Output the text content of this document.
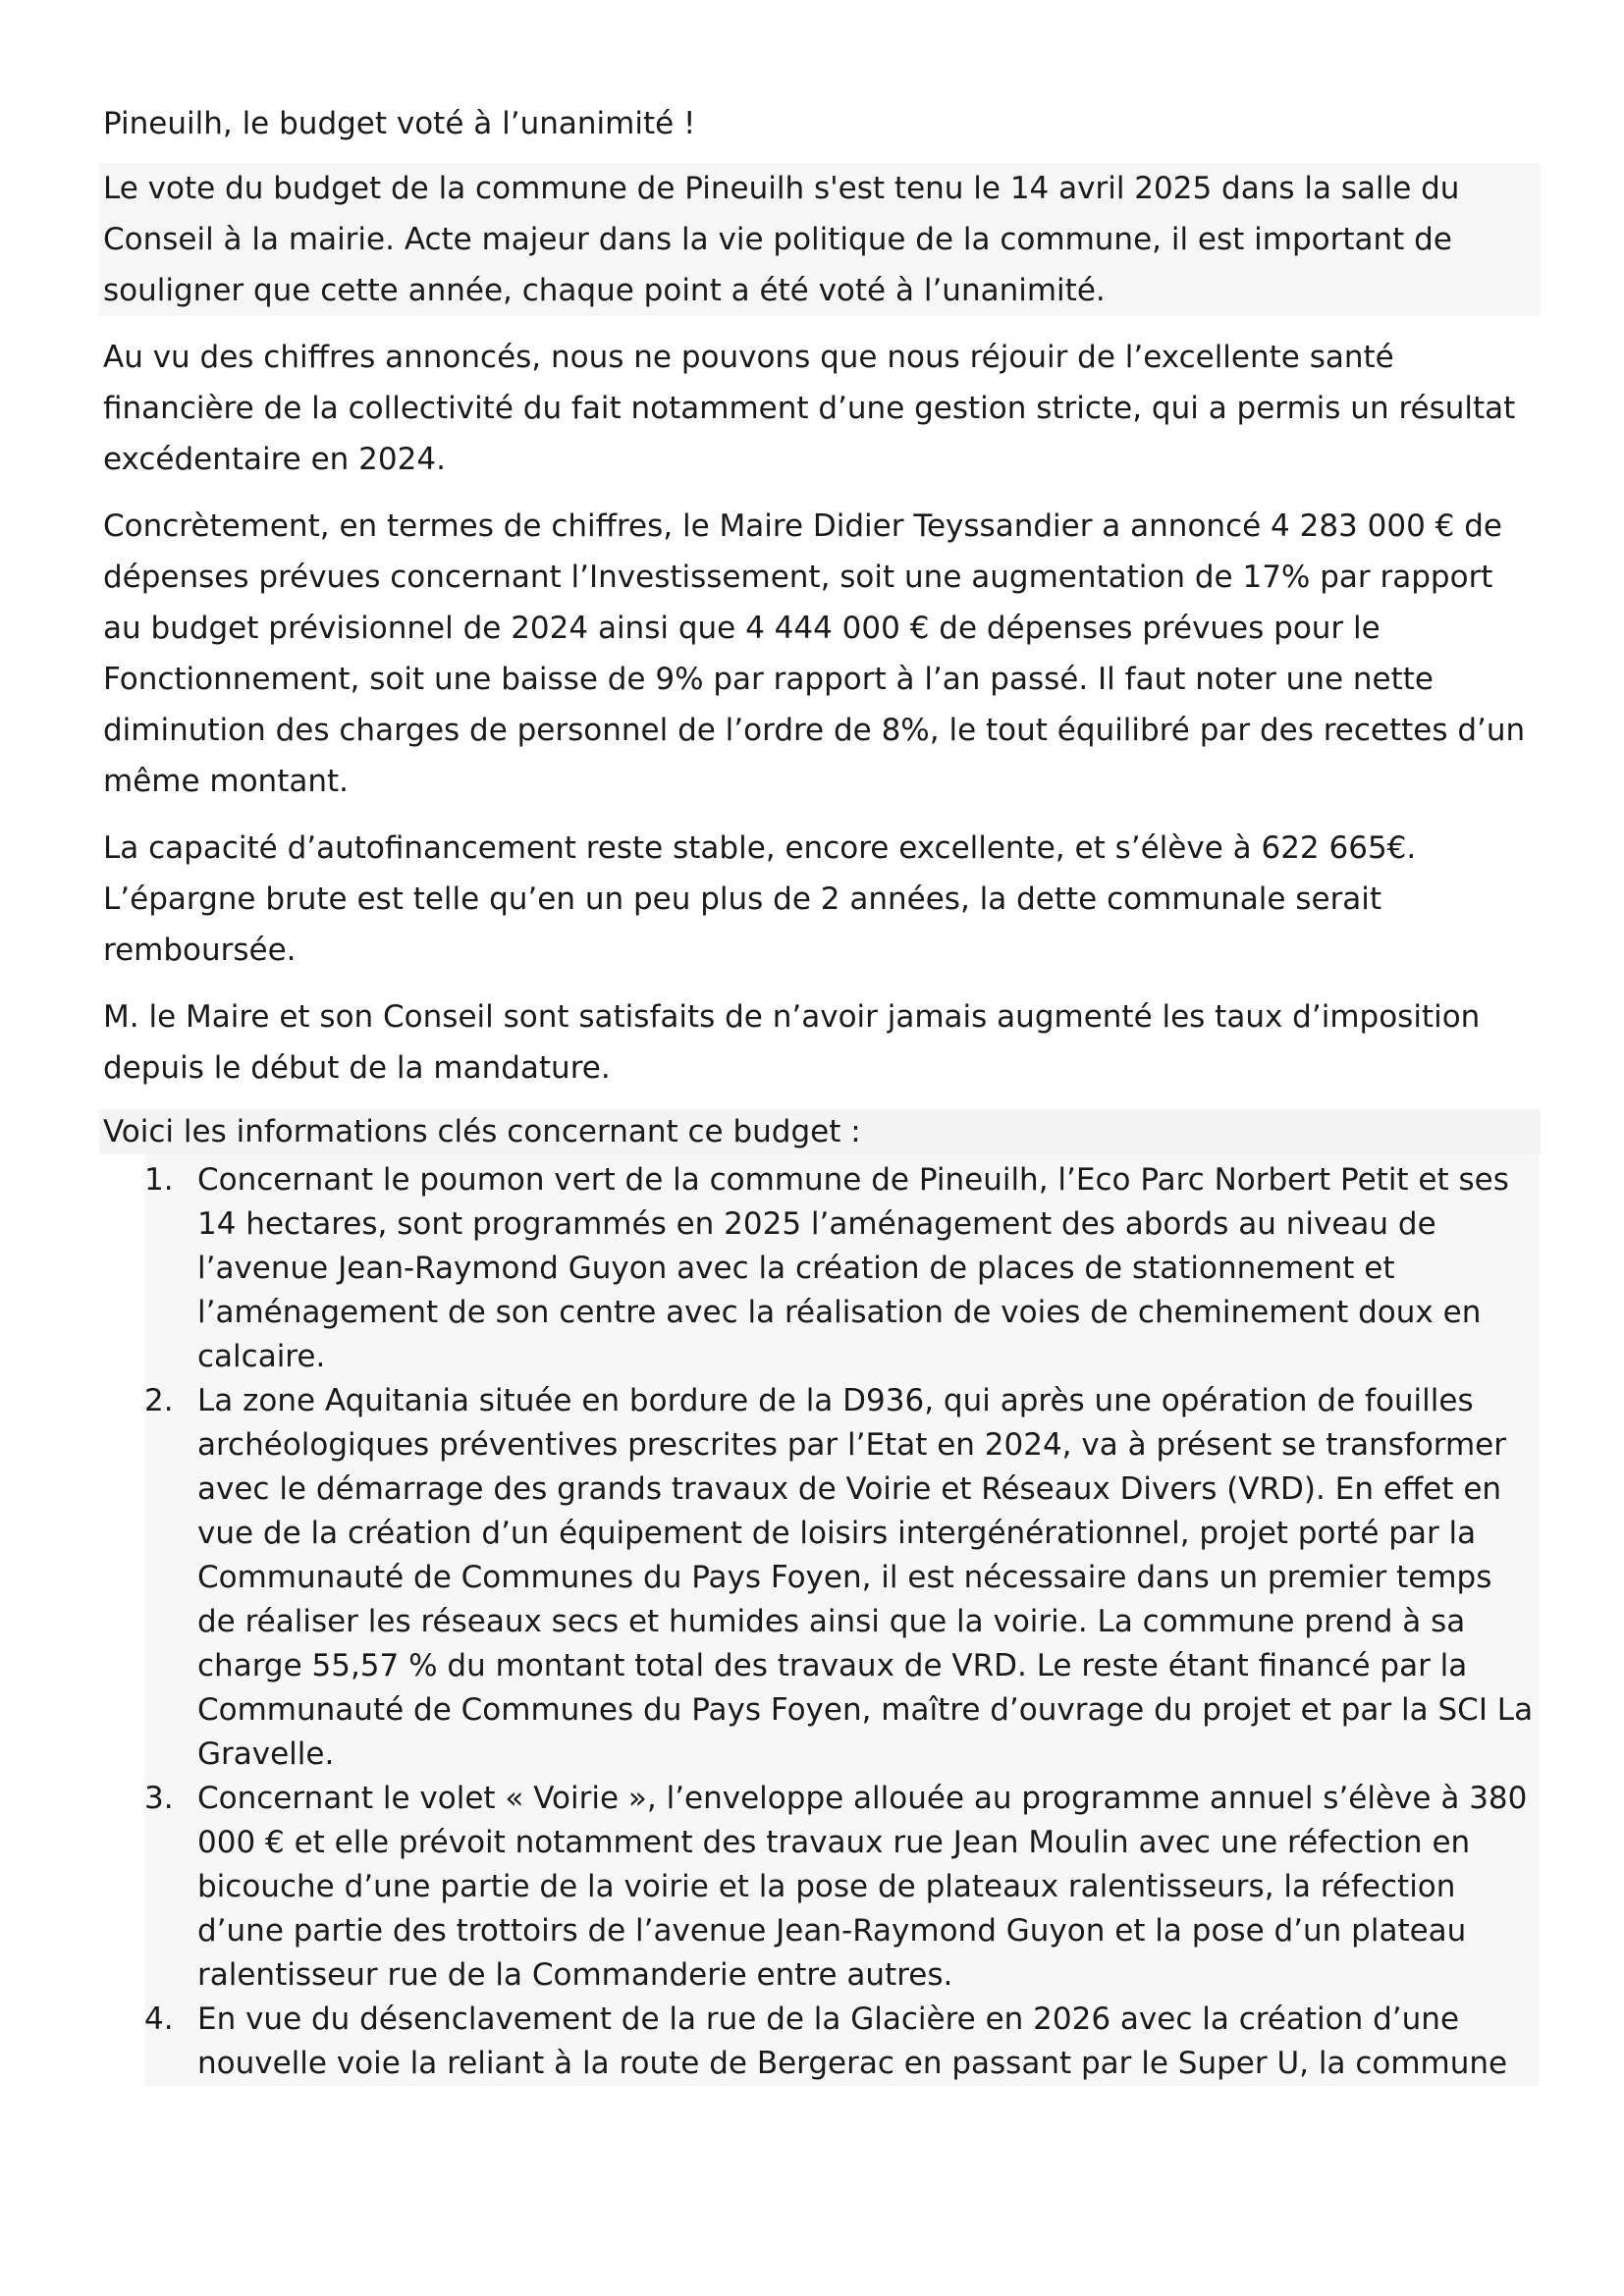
Pineuilh, le budget voté à l’unanimité !

Le vote du budget de la commune de Pineuilh s'est tenu le 14 avril 2025 dans la salle du Conseil à la mairie. Acte majeur dans la vie politique de la commune, il est important de souligner que cette année, chaque point a été voté à l’unanimité.

Au vu des chiffres annoncés, nous ne pouvons que nous réjouir de l’excellente santé financière de la collectivité du fait notamment d’une gestion stricte, qui a permis un résultat excédentaire en 2024.

Concrètement, en termes de chiffres, le Maire Didier Teyssandier a annoncé 4 283 000 € de dépenses prévues concernant l’Investissement, soit une augmentation de 17% par rapport au budget prévisionnel de 2024 ainsi que 4 444 000 € de dépenses prévues pour le Fonctionnement, soit une baisse de 9% par rapport à l’an passé. Il faut noter une nette diminution des charges de personnel de l’ordre de 8%, le tout équilibré par des recettes d’un même montant.

La capacité d’autofinancement reste stable, encore excellente, et s’élève à 622 665€. L’épargne brute est telle qu’en un peu plus de 2 années, la dette communale serait remboursée.

M. le Maire et son Conseil sont satisfaits de n’avoir jamais augmenté les taux d’imposition depuis le début de la mandature.

Voici les informations clés concernant ce budget :

1. Concernant le poumon vert de la commune de Pineuilh, l’Eco Parc Norbert Petit et ses 14 hectares, sont programmés en 2025 l’aménagement des abords au niveau de l’avenue Jean-Raymond Guyon avec la création de places de stationnement et l’aménagement de son centre avec la réalisation de voies de cheminement doux en calcaire.
2. La zone Aquitania située en bordure de la D936, qui après une opération de fouilles archéologiques préventives prescrites par l’Etat en 2024, va à présent se transformer avec le démarrage des grands travaux de Voirie et Réseaux Divers (VRD). En effet en vue de la création d’un équipement de loisirs intergénérationnel, projet porté par la Communauté de Communes du Pays Foyen, il est nécessaire dans un premier temps de réaliser les réseaux secs et humides ainsi que la voirie. La commune prend à sa charge 55,57 % du montant total des travaux de VRD. Le reste étant financé par la Communauté de Communes du Pays Foyen, maître d’ouvrage du projet et par la SCI La Gravelle.
3. Concernant le volet « Voirie », l’enveloppe allouée au programme annuel s’élève à 380 000 € et elle prévoit notamment des travaux rue Jean Moulin avec une réfection en bicouche d’une partie de la voirie et la pose de plateaux ralentisseurs, la réfection d’une partie des trottoirs de l’avenue Jean-Raymond Guyon et la pose d’un plateau ralentisseur rue de la Commanderie entre autres.
4. En vue du désenclavement de la rue de la Glacière en 2026 avec la création d’une nouvelle voie la reliant à la route de Bergerac en passant par le Super U, la commune
